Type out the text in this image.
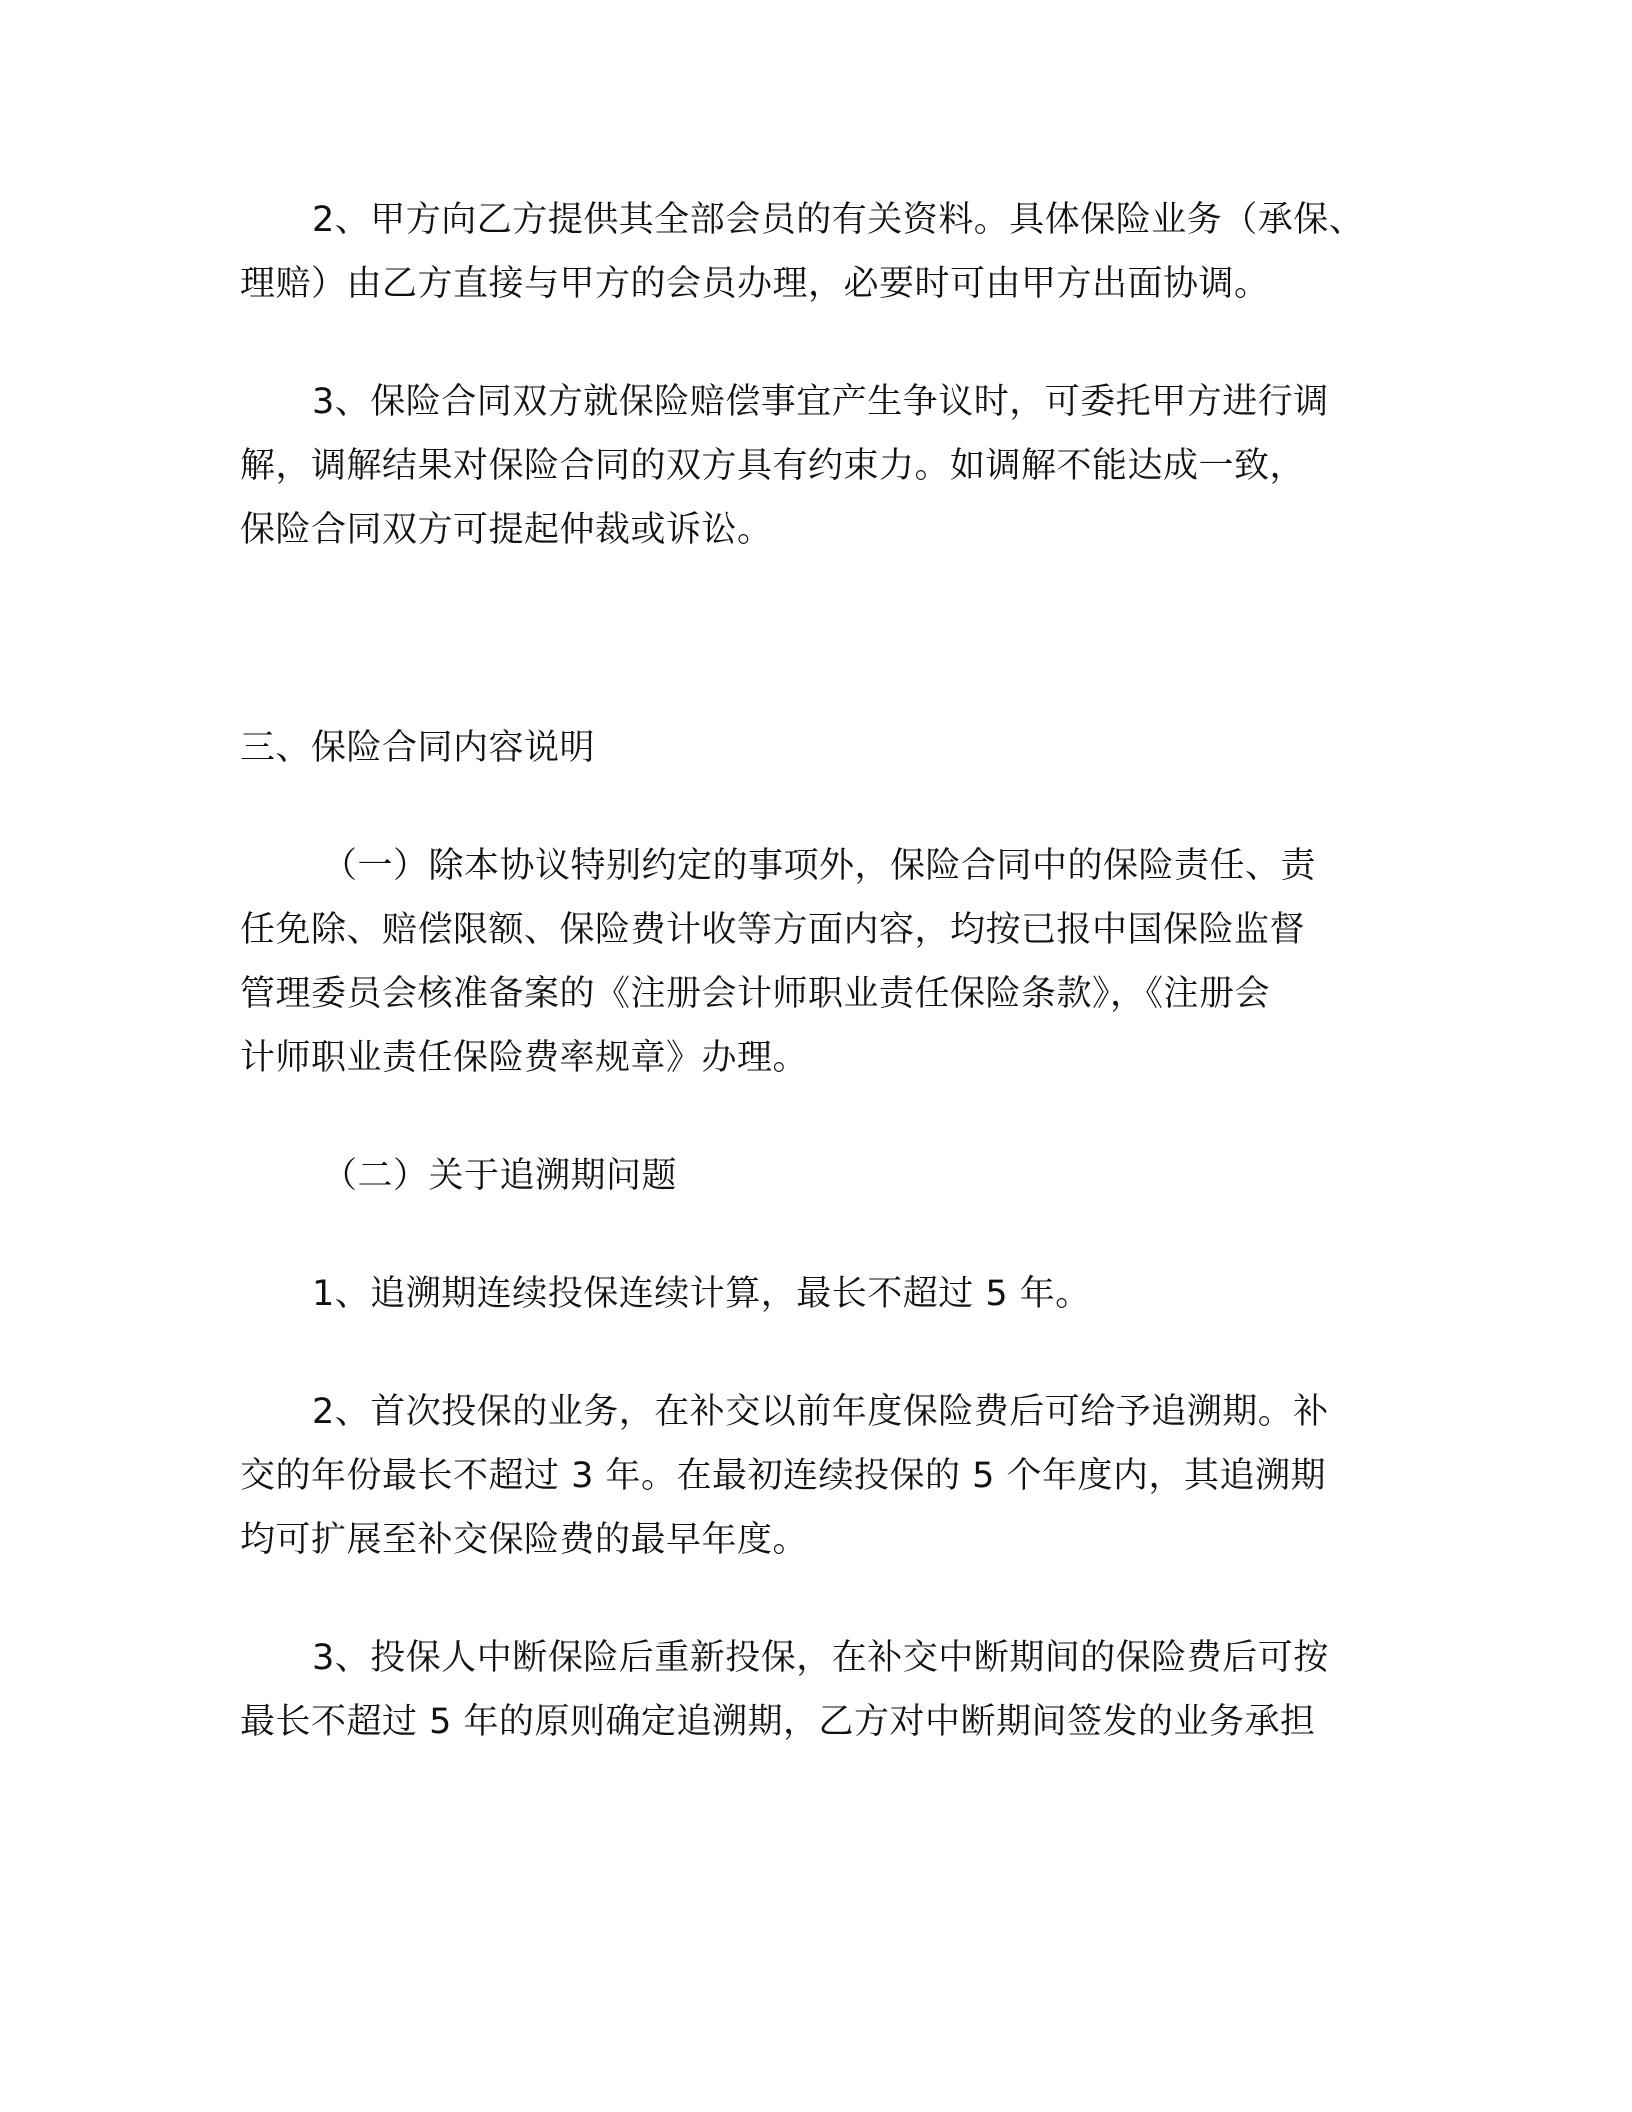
2、甲方向乙方提供其全部会员的有关资料。具体保险业务（承保、
理赔）由乙方直接与甲方的会员办理，必要时可由甲方出面协调。

3、保险合同双方就保险赔偿事宜产生争议时，可委托甲方进行调
解，调解结果对保险合同的双方具有约束力。如调解不能达成一致，
保险合同双方可提起仲裁或诉讼。

三、保险合同内容说明

（一）除本协议特别约定的事项外，保险合同中的保险责任、责
任免除、赔偿限额、保险费计收等方面内容，均按已报中国保险监督
管理委员会核准备案的《注册会计师职业责任保险条款》，《注册会
计师职业责任保险费率规章》办理。

（二）关于追溯期问题

1、追溯期连续投保连续计算，最长不超过 5 年。

2、首次投保的业务，在补交以前年度保险费后可给予追溯期。补
交的年份最长不超过 3 年。在最初连续投保的 5 个年度内，其追溯期
均可扩展至补交保险费的最早年度。

3、投保人中断保险后重新投保，在补交中断期间的保险费后可按
最长不超过 5 年的原则确定追溯期，乙方对中断期间签发的业务承担
